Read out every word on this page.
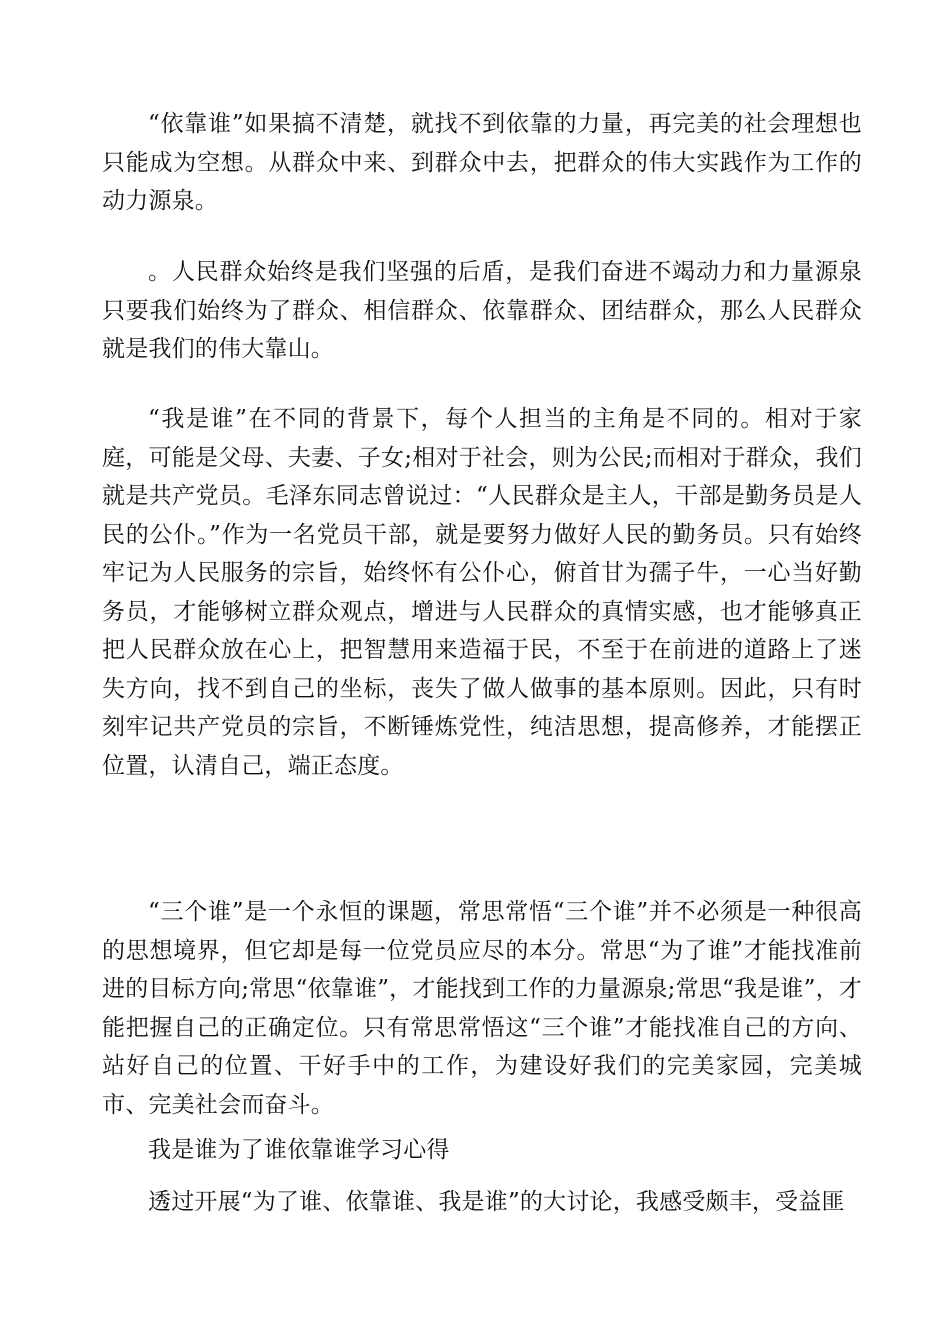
“依靠谁”如果搞不清楚，就找不到依靠的力量，再完美的社会理想也只能成为空想。从群众中来、到群众中去，把群众的伟大实践作为工作的动力源泉。

。人民群众始终是我们坚强的后盾，是我们奋进不竭动力和力量源泉只要我们始终为了群众、相信群众、依靠群众、团结群众，那么人民群众就是我们的伟大靠山。

“我是谁”在不同的背景下，每个人担当的主角是不同的。相对于家庭，可能是父母、夫妻、子女;相对于社会，则为公民;而相对于群众，我们就是共产党员。毛泽东同志曾说过：“人民群众是主人，干部是勤务员是人民的公仆。”作为一名党员干部，就是要努力做好人民的勤务员。只有始终牢记为人民服务的宗旨，始终怀有公仆心，俯首甘为孺子牛，一心当好勤务员，才能够树立群众观点，增进与人民群众的真情实感，也才能够真正把人民群众放在心上，把智慧用来造福于民，不至于在前进的道路上了迷失方向，找不到自己的坐标，丧失了做人做事的基本原则。因此，只有时刻牢记共产党员的宗旨，不断锤炼党性，纯洁思想，提高修养，才能摆正位置，认清自己，端正态度。

“三个谁”是一个永恒的课题，常思常悟“三个谁”并不必须是一种很高的思想境界，但它却是每一位党员应尽的本分。常思“为了谁”才能找准前进的目标方向;常思“依靠谁”，才能找到工作的力量源泉;常思“我是谁”，才能把握自己的正确定位。只有常思常悟这“三个谁”才能找准自己的方向、站好自己的位置、干好手中的工作，为建设好我们的完美家园，完美城市、完美社会而奋斗。

我是谁为了谁依靠谁学习心得

透过开展“为了谁、依靠谁、我是谁”的大讨论，我感受颇丰，受益匪
